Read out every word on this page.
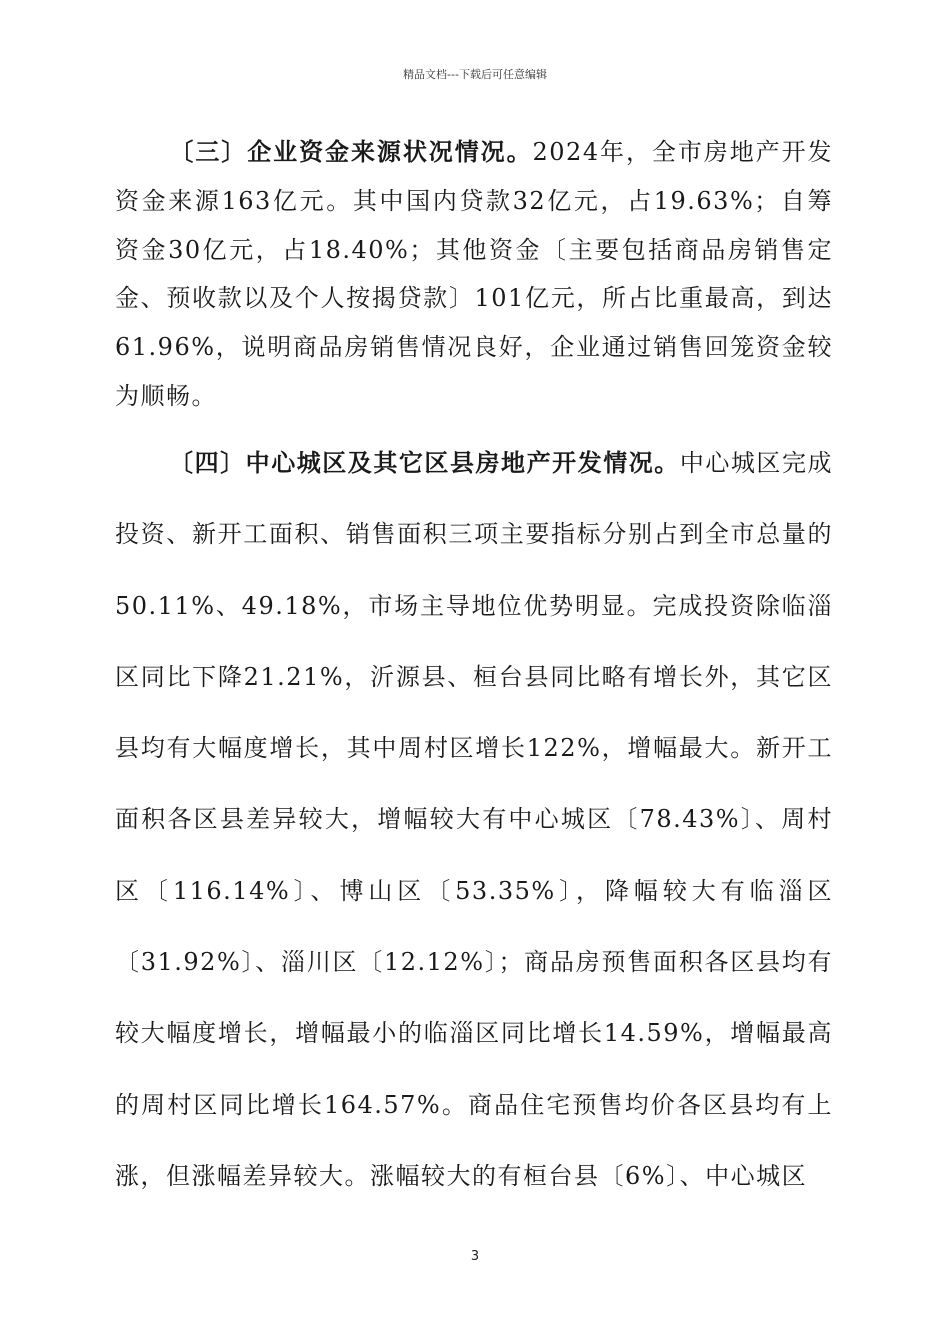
精品文档---下载后可任意编辑

〔三〕企业资金来源状况情况。2024年，全市房地产开发资金来源163亿元。其中国内贷款32亿元，占19.63%；自筹资金30亿元，占18.40%；其他资金〔主要包括商品房销售定金、预收款以及个人按揭贷款〕101亿元，所占比重最高，到达61.96%，说明商品房销售情况良好，企业通过销售回笼资金较为顺畅。

〔四〕中心城区及其它区县房地产开发情况。中心城区完成投资、新开工面积、销售面积三项主要指标分别占到全市总量的50.11%、49.18%，市场主导地位优势明显。完成投资除临淄区同比下降21.21%，沂源县、桓台县同比略有增长外，其它区县均有大幅度增长，其中周村区增长122%，增幅最大。新开工面积各区县差异较大，增幅较大有中心城区〔78.43%〕、周村区〔116.14%〕、博山区〔53.35%〕，降幅较大有临淄区〔31.92%〕、淄川区〔12.12%〕；商品房预售面积各区县均有较大幅度增长，增幅最小的临淄区同比增长14.59%，增幅最高的周村区同比增长164.57%。商品住宅预售均价各区县均有上涨，但涨幅差异较大。涨幅较大的有桓台县〔6%〕、中心城区

3
